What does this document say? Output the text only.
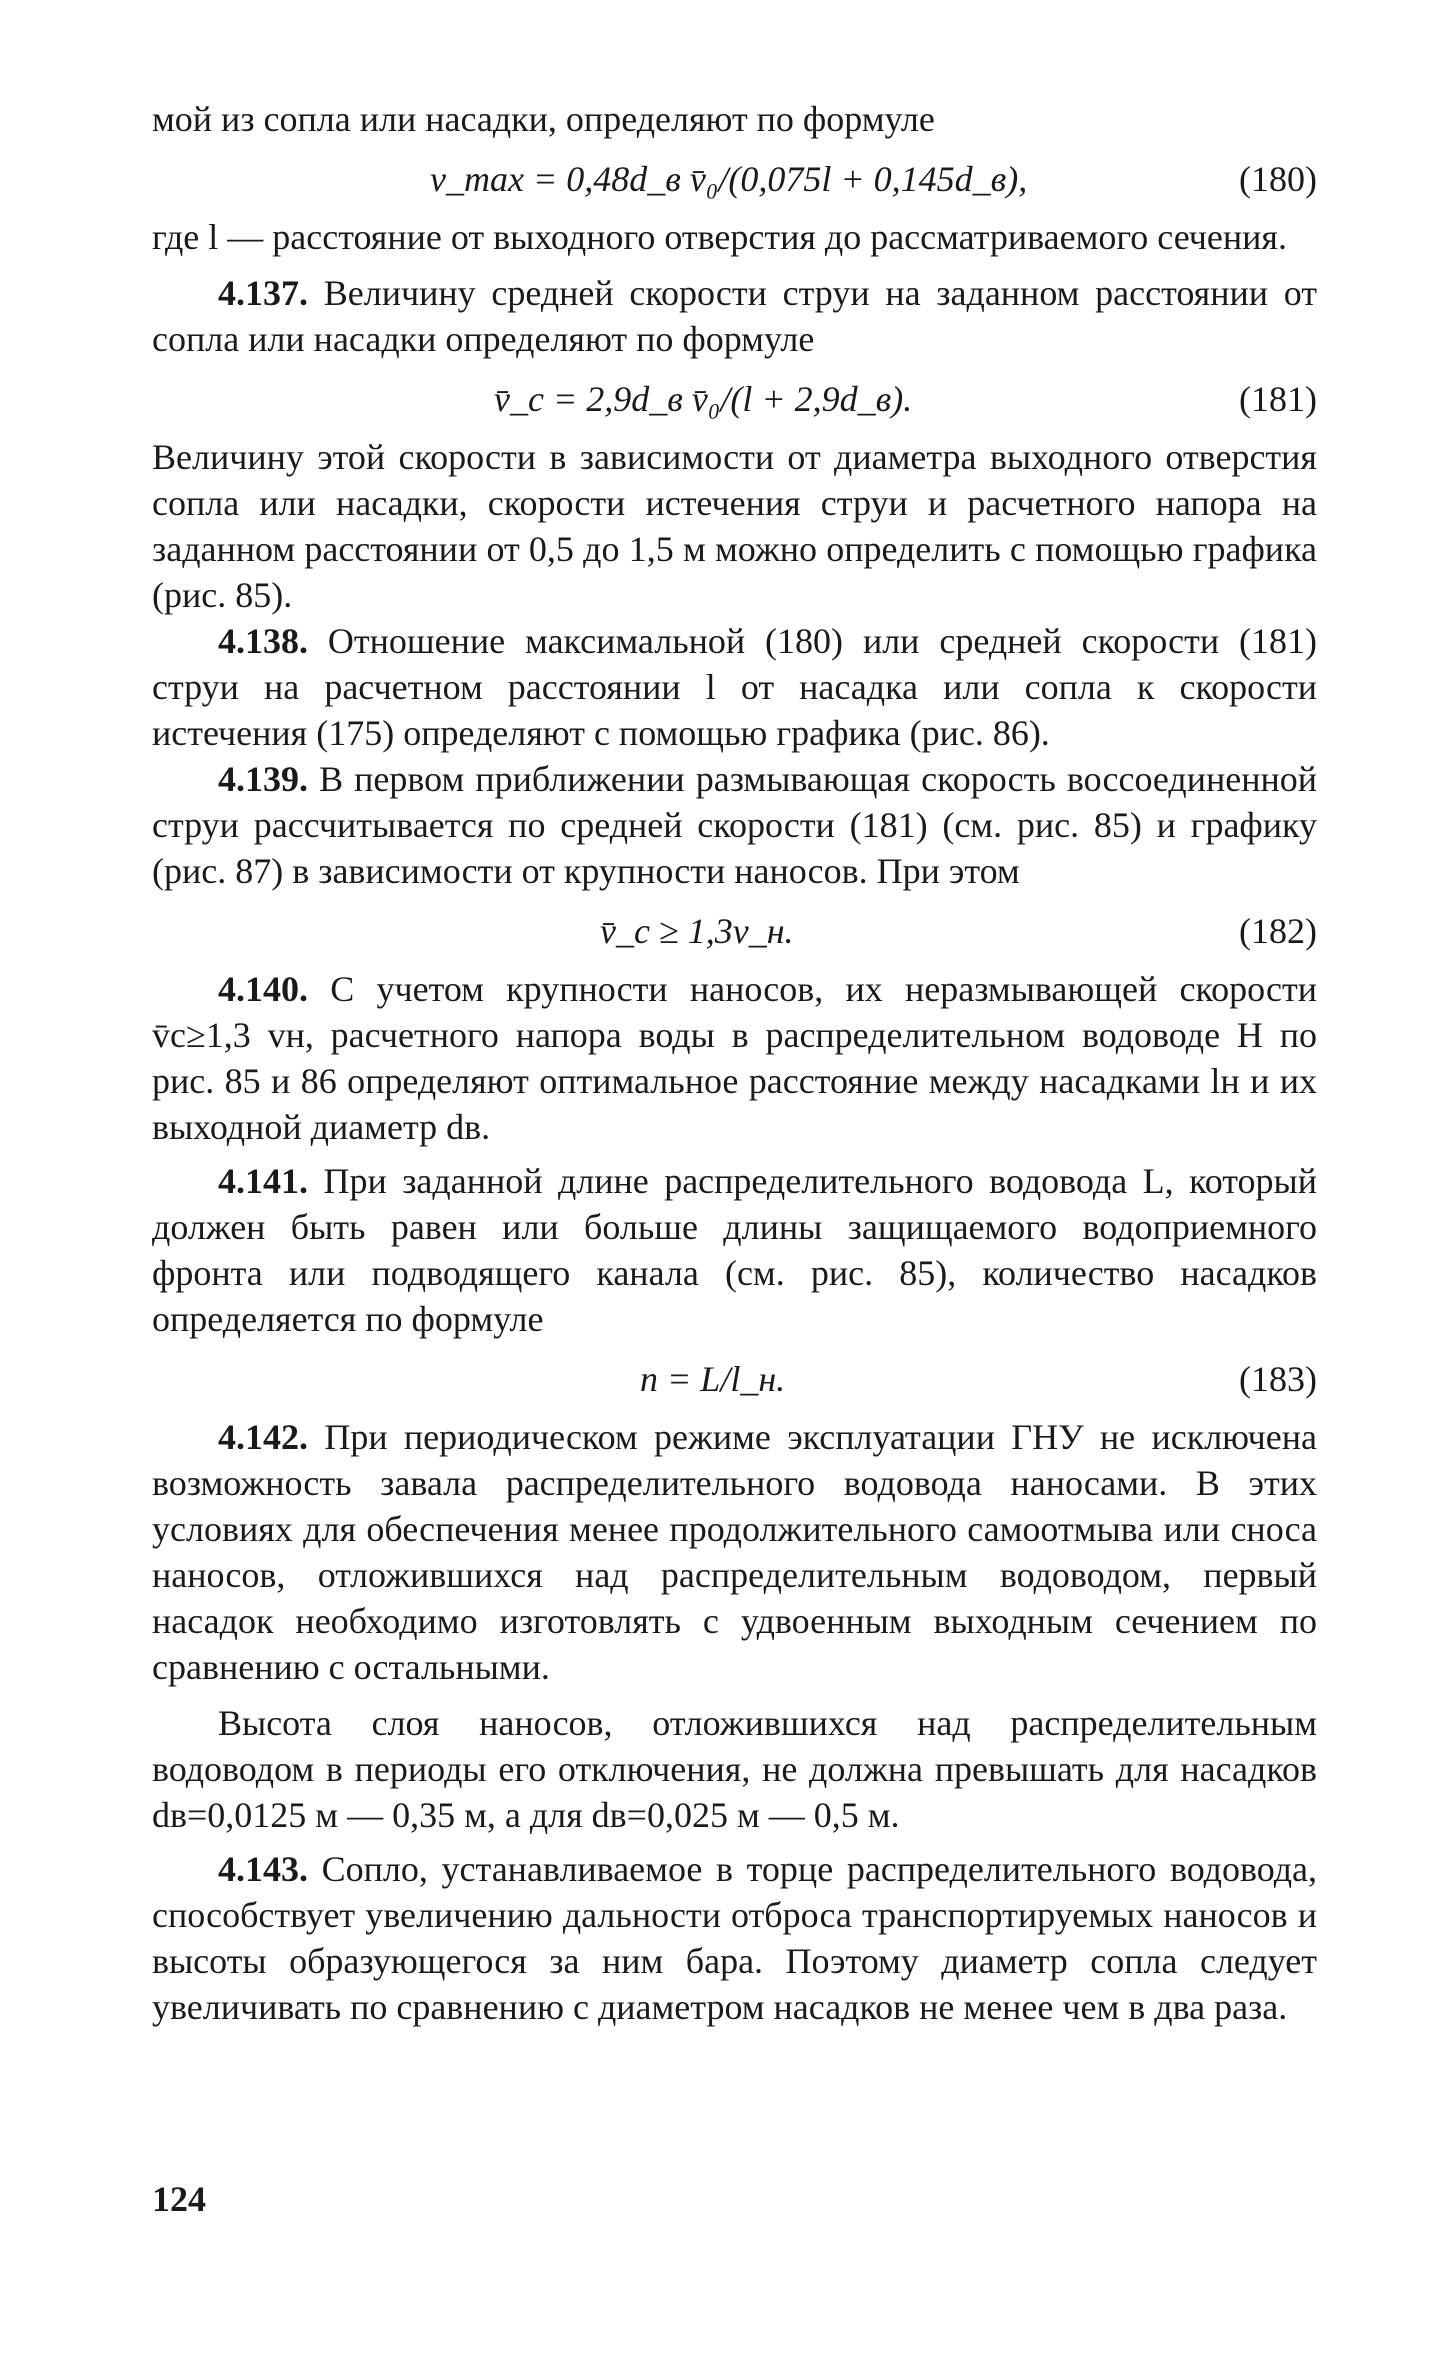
мой из сопла или насадки, определяют по формуле

v_max = 0,48d_в v̄₀/(0,075l + 0,145d_в),	(180)

где l — расстояние от выходного отверстия до рассматриваемого сечения.

4.137. Величину средней скорости струи на заданном расстоянии от сопла или насадки определяют по формуле

v̄_c = 2,9d_в v̄₀/(l + 2,9d_в).	(181)

Величину этой скорости в зависимости от диаметра выходного отверстия сопла или насадки, скорости истечения струи и расчетного напора на заданном расстоянии от 0,5 до 1,5 м можно определить с помощью графика (рис. 85).

4.138. Отношение максимальной (180) или средней скорости (181) струи на расчетном расстоянии l от насадка или сопла к скорости истечения (175) определяют с помощью графика (рис. 86).

4.139. В первом приближении размывающая скорость воссоединенной струи рассчитывается по средней скорости (181) (см. рис. 85) и графику (рис. 87) в зависимости от крупности наносов. При этом

v̄_c ≥ 1,3v_н.	(182)

4.140. С учетом крупности наносов, их неразмывающей скорости v̄c≥1,3 vн, расчетного напора воды в распределительном водоводе H по рис. 85 и 86 определяют оптимальное расстояние между насадками lн и их выходной диаметр dв.

4.141. При заданной длине распределительного водовода L, который должен быть равен или больше длины защищаемого водоприемного фронта или подводящего канала (см. рис. 85), количество насадков определяется по формуле

n = L/l_н.	(183)

4.142. При периодическом режиме эксплуатации ГНУ не исключена возможность завала распределительного водовода наносами. В этих условиях для обеспечения менее продолжительного самоотмыва или сноса наносов, отложившихся над распределительным водоводом, первый насадок необходимо изготовлять с удвоенным выходным сечением по сравнению с остальными.

Высота слоя наносов, отложившихся над распределительным водоводом в периоды его отключения, не должна превышать для насадков dв=0,0125 м — 0,35 м, а для dв=0,025 м — 0,5 м.

4.143. Сопло, устанавливаемое в торце распределительного водовода, способствует увеличению дальности отброса транспортируемых наносов и высоты образующегося за ним бара. Поэтому диаметр сопла следует увеличивать по сравнению с диаметром насадков не менее чем в два раза.

124
